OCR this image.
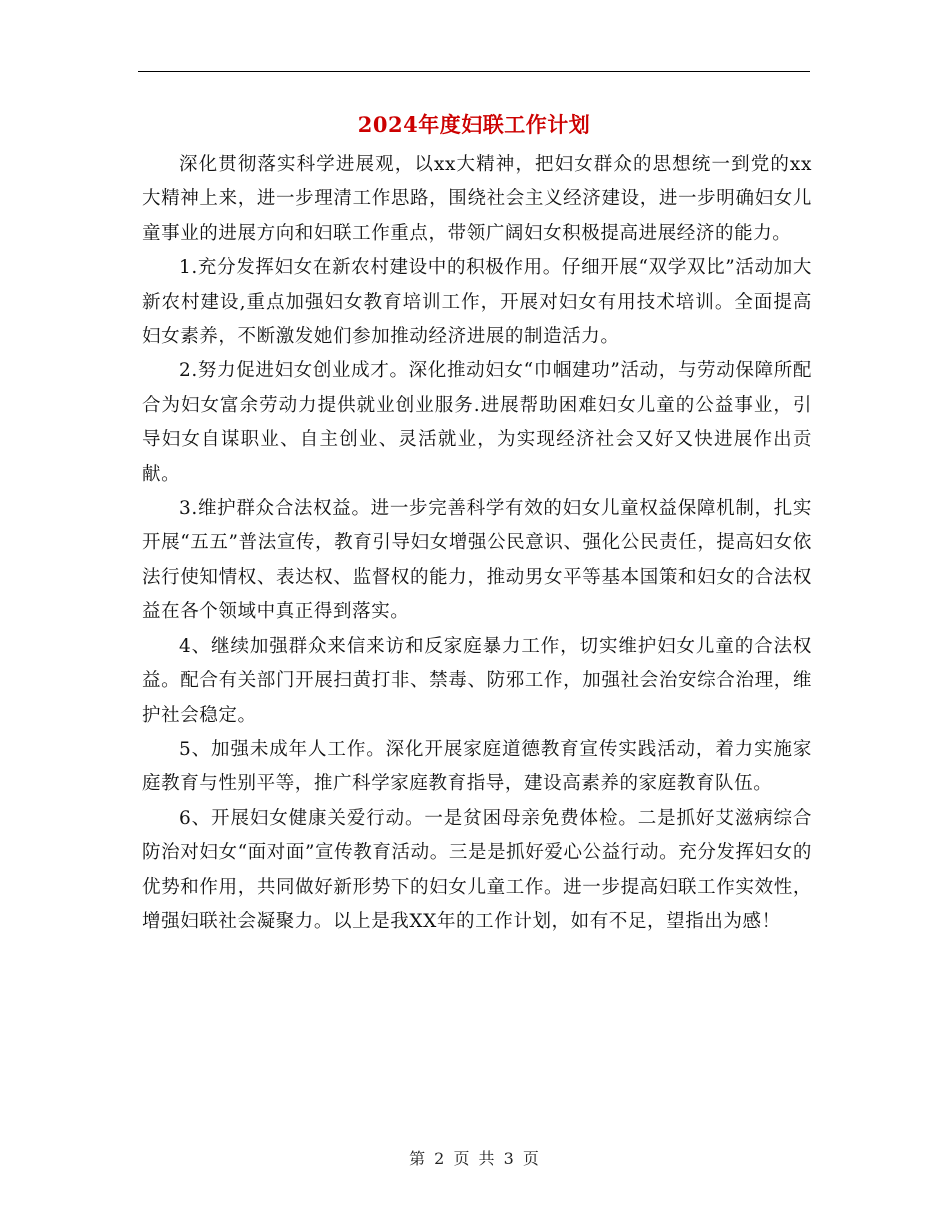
2024年度妇联工作计划

深化贯彻落实科学进展观，以xx大精神，把妇女群众的思想统一到党的xx大精神上来，进一步理清工作思路，围绕社会主义经济建设，进一步明确妇女儿童事业的进展方向和妇联工作重点，带领广阔妇女积极提高进展经济的能力。

1.充分发挥妇女在新农村建设中的积极作用。仔细开展“双学双比”活动加大新农村建设,重点加强妇女教育培训工作，开展对妇女有用技术培训。全面提高妇女素养，不断激发她们参加推动经济进展的制造活力。

2.努力促进妇女创业成才。深化推动妇女“巾帼建功”活动，与劳动保障所配合为妇女富余劳动力提供就业创业服务.进展帮助困难妇女儿童的公益事业，引导妇女自谋职业、自主创业、灵活就业，为实现经济社会又好又快进展作出贡献。

3.维护群众合法权益。进一步完善科学有效的妇女儿童权益保障机制，扎实开展“五五”普法宣传，教育引导妇女增强公民意识、强化公民责任，提高妇女依法行使知情权、表达权、监督权的能力，推动男女平等基本国策和妇女的合法权益在各个领域中真正得到落实。

4、继续加强群众来信来访和反家庭暴力工作，切实维护妇女儿童的合法权益。配合有关部门开展扫黄打非、禁毒、防邪工作，加强社会治安综合治理，维护社会稳定。

5、加强未成年人工作。深化开展家庭道德教育宣传实践活动，着力实施家庭教育与性别平等，推广科学家庭教育指导，建设高素养的家庭教育队伍。

6、开展妇女健康关爱行动。一是贫困母亲免费体检。二是抓好艾滋病综合防治对妇女“面对面”宣传教育活动。三是是抓好爱心公益行动。充分发挥妇女的优势和作用，共同做好新形势下的妇女儿童工作。进一步提高妇联工作实效性，增强妇联社会凝聚力。以上是我XX年的工作计划，如有不足，望指出为感！

第 2 页 共 3 页
